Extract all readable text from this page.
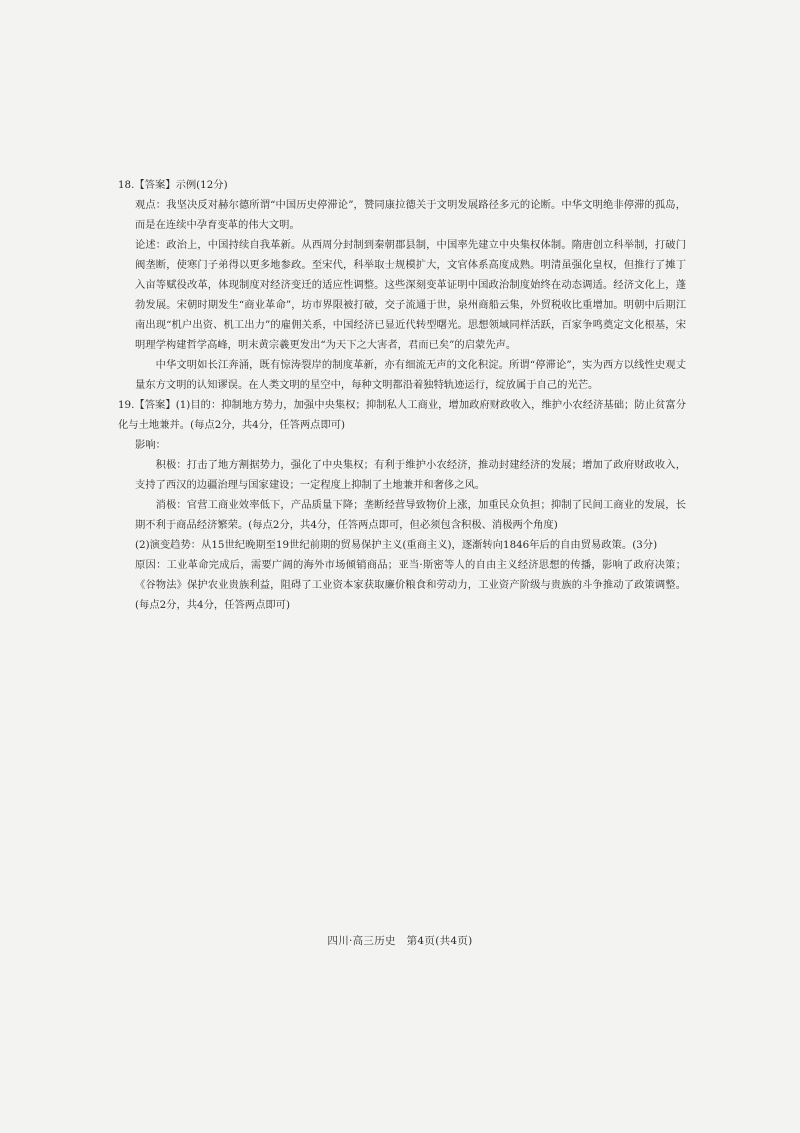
18.【答案】示例(12分)

观点：我坚决反对赫尔德所谓“中国历史停滞论”，赞同康拉德关于文明发展路径多元的论断。中华文明绝非停滞的孤岛，而是在连续中孕育变革的伟大文明。

论述：政治上，中国持续自我革新。从西周分封制到秦朝郡县制，中国率先建立中央集权体制。隋唐创立科举制，打破门阀垄断，使寒门子弟得以更多地参政。至宋代，科举取士规模扩大，文官体系高度成熟。明清虽强化皇权，但推行了摊丁入亩等赋役改革，体现制度对经济变迁的适应性调整。这些深刻变革证明中国政治制度始终在动态调适。经济文化上，蓬勃发展。宋朝时期发生“商业革命”，坊市界限被打破，交子流通于世，泉州商船云集，外贸税收比重增加。明朝中后期江南出现“机户出资、机工出力”的雇佣关系，中国经济已显近代转型曙光。思想领域同样活跃，百家争鸣奠定文化根基，宋明理学构建哲学高峰，明末黄宗羲更发出“为天下之大害者，君而已矣”的启蒙先声。

中华文明如长江奔涌，既有惊涛裂岸的制度革新，亦有细流无声的文化积淀。所谓“停滞论”，实为西方以线性史观丈量东方文明的认知谬误。在人类文明的星空中，每种文明都沿着独特轨迹运行，绽放属于自己的光芒。

19.【答案】(1)目的：抑制地方势力，加强中央集权；抑制私人工商业，增加政府财政收入，维护小农经济基础；防止贫富分化与土地兼并。(每点2分，共4分，任答两点即可)

影响：

积极：打击了地方割据势力，强化了中央集权；有利于维护小农经济，推动封建经济的发展；增加了政府财政收入，支持了西汉的边疆治理与国家建设；一定程度上抑制了土地兼并和奢侈之风。

消极：官营工商业效率低下，产品质量下降；垄断经营导致物价上涨，加重民众负担；抑制了民间工商业的发展，长期不利于商品经济繁荣。(每点2分，共4分，任答两点即可，但必须包含积极、消极两个角度)

(2)演变趋势：从15世纪晚期至19世纪前期的贸易保护主义(重商主义)，逐渐转向1846年后的自由贸易政策。(3分)

原因：工业革命完成后，需要广阔的海外市场倾销商品；亚当·斯密等人的自由主义经济思想的传播，影响了政府决策；《谷物法》保护农业贵族利益，阻碍了工业资本家获取廉价粮食和劳动力，工业资产阶级与贵族的斗争推动了政策调整。(每点2分，共4分，任答两点即可)

四川·高三历史　第4页(共4页)
